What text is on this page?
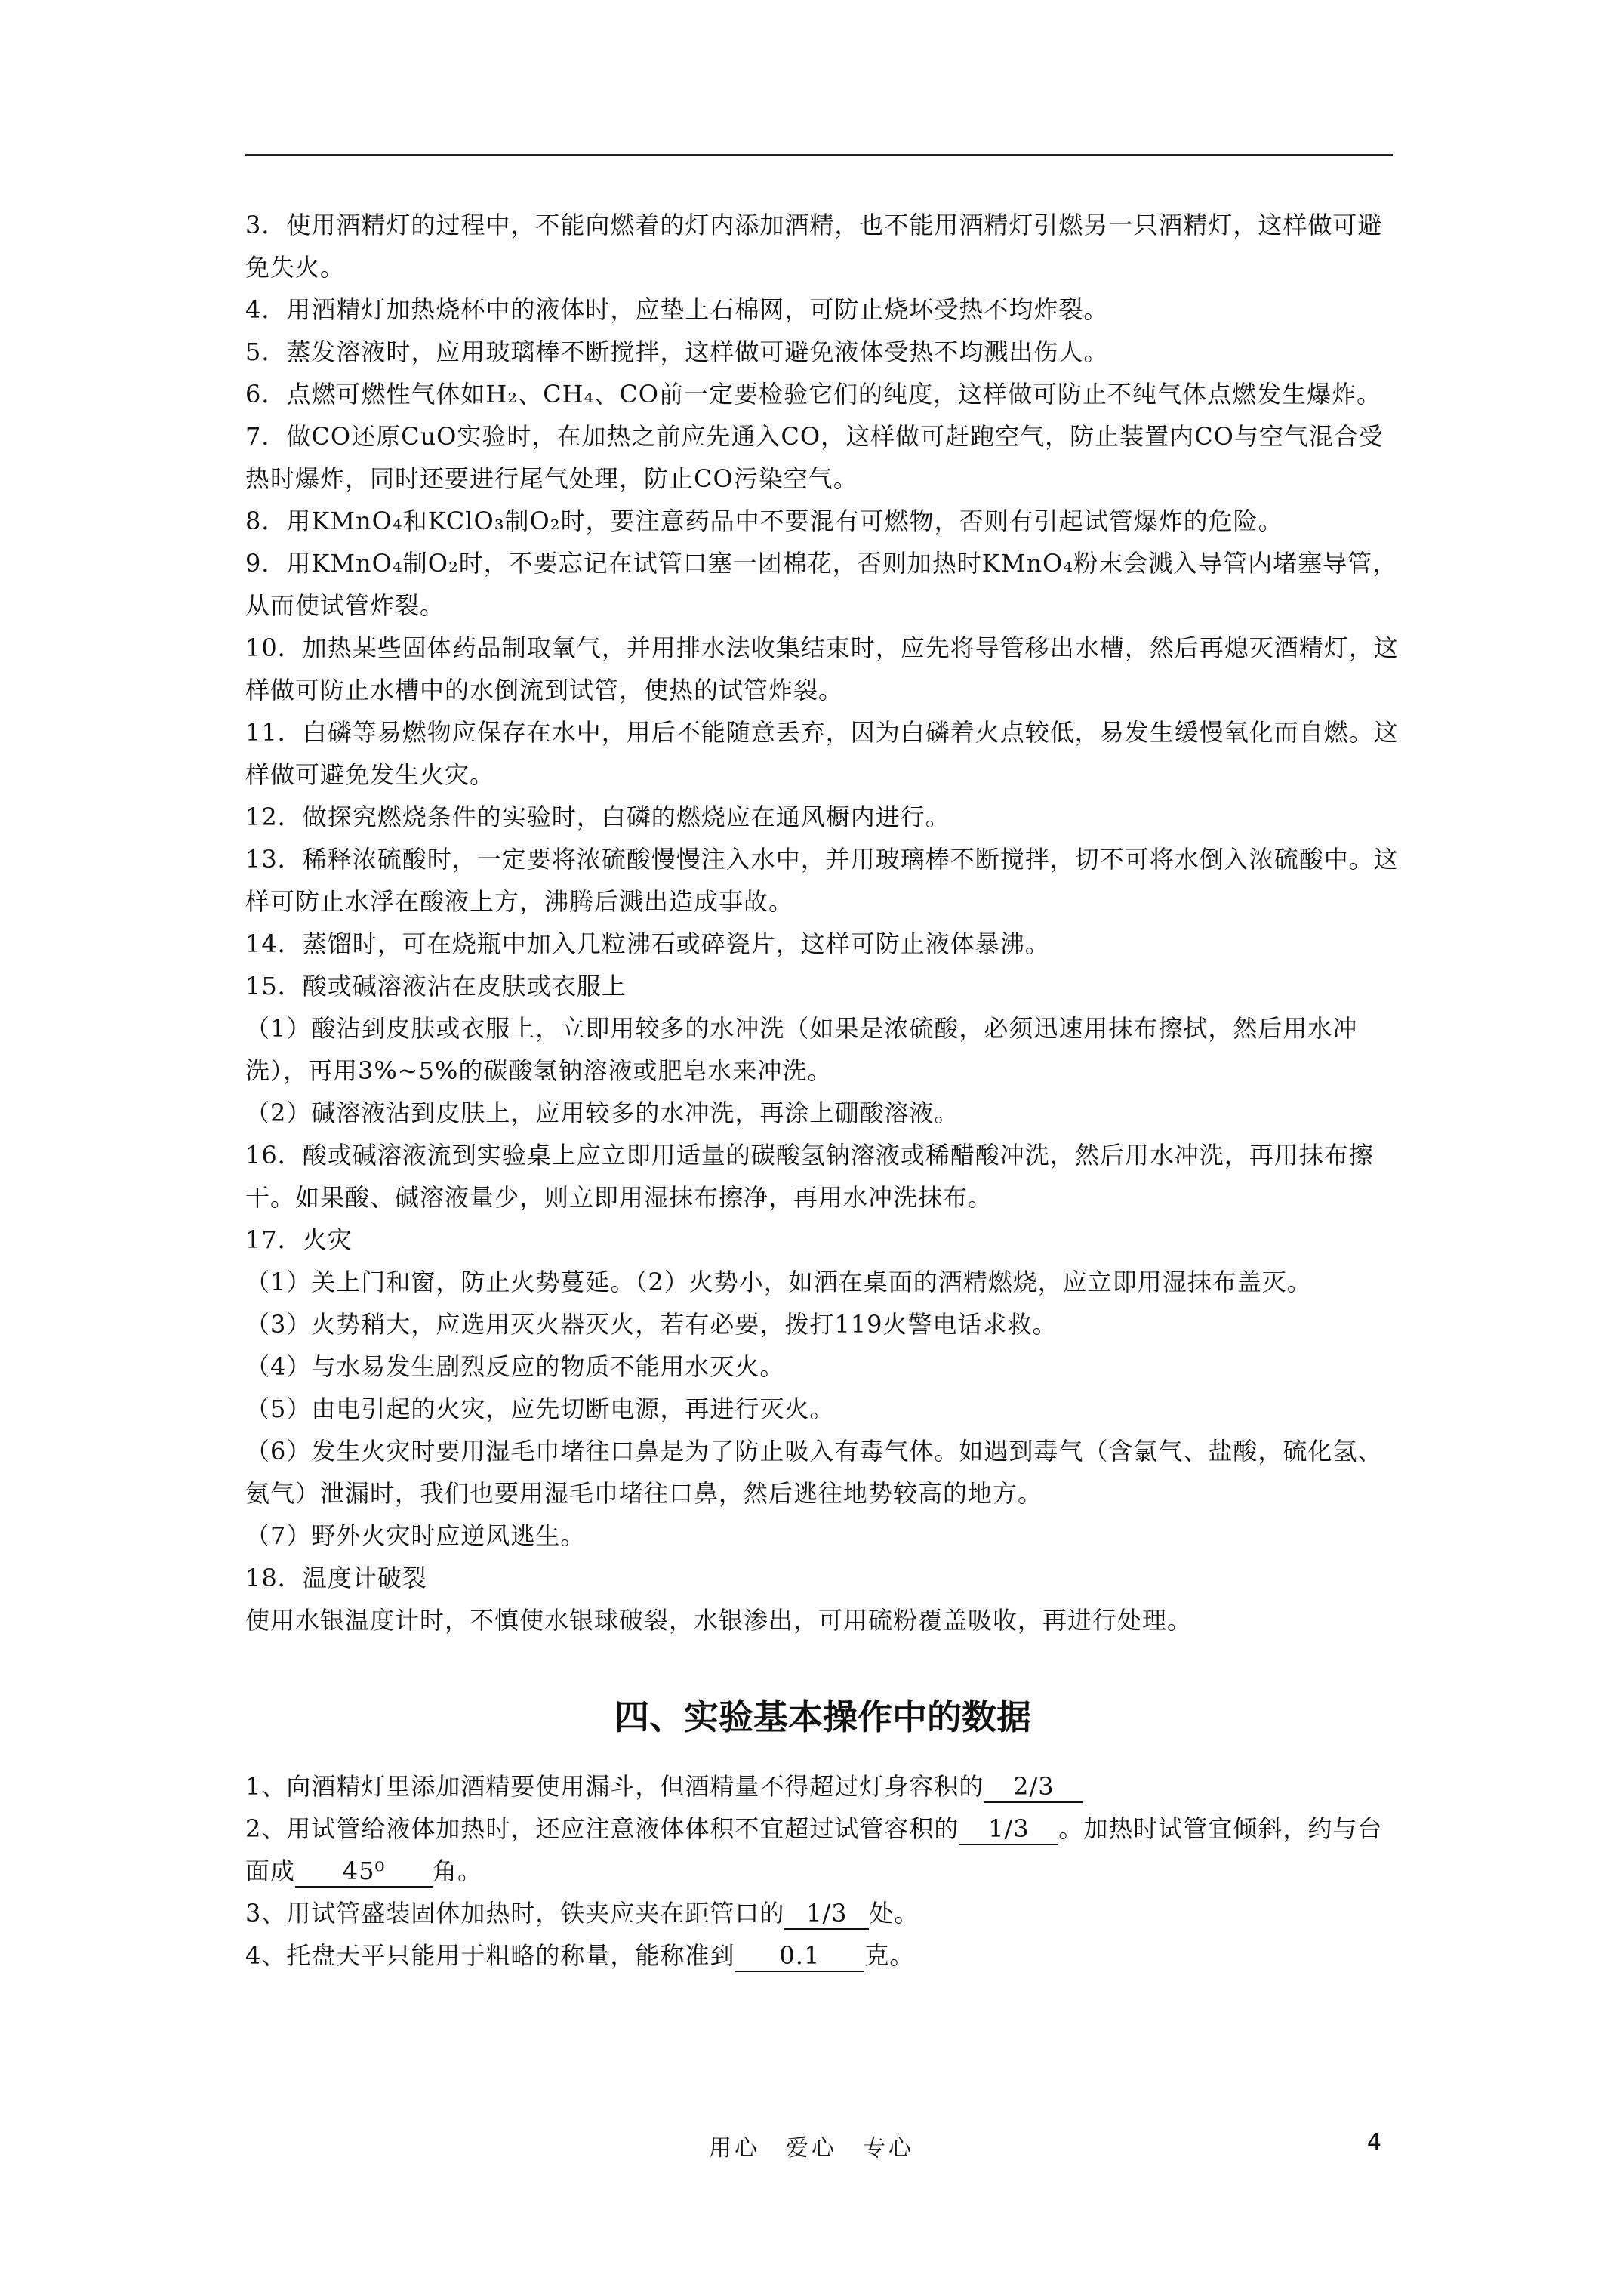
3．使用酒精灯的过程中，不能向燃着的灯内添加酒精，也不能用酒精灯引燃另一只酒精灯，这样做可避免失火。

4．用酒精灯加热烧杯中的液体时，应垫上石棉网，可防止烧坏受热不均炸裂。

5．蒸发溶液时，应用玻璃棒不断搅拌，这样做可避免液体受热不均溅出伤人。

6．点燃可燃性气体如H₂、CH₄、CO前一定要检验它们的纯度，这样做可防止不纯气体点燃发生爆炸。

7．做CO还原CuO实验时，在加热之前应先通入CO，这样做可赶跑空气，防止装置内CO与空气混合受热时爆炸，同时还要进行尾气处理，防止CO污染空气。

8．用KMnO₄和KClO₃制O₂时，要注意药品中不要混有可燃物，否则有引起试管爆炸的危险。

9．用KMnO₄制O₂时，不要忘记在试管口塞一团棉花，否则加热时KMnO₄粉末会溅入导管内堵塞导管，从而使试管炸裂。

10．加热某些固体药品制取氧气，并用排水法收集结束时，应先将导管移出水槽，然后再熄灭酒精灯，这样做可防止水槽中的水倒流到试管，使热的试管炸裂。

11．白磷等易燃物应保存在水中，用后不能随意丢弃，因为白磷着火点较低，易发生缓慢氧化而自燃。这样做可避免发生火灾。

12．做探究燃烧条件的实验时，白磷的燃烧应在通风橱内进行。

13．稀释浓硫酸时，一定要将浓硫酸慢慢注入水中，并用玻璃棒不断搅拌，切不可将水倒入浓硫酸中。这样可防止水浮在酸液上方，沸腾后溅出造成事故。

14．蒸馏时，可在烧瓶中加入几粒沸石或碎瓷片，这样可防止液体暴沸。

15．酸或碱溶液沾在皮肤或衣服上

（1）酸沾到皮肤或衣服上，立即用较多的水冲洗（如果是浓硫酸，必须迅速用抹布擦拭，然后用水冲洗），再用3%~5%的碳酸氢钠溶液或肥皂水来冲洗。

（2）碱溶液沾到皮肤上，应用较多的水冲洗，再涂上硼酸溶液。

16．酸或碱溶液流到实验桌上应立即用适量的碳酸氢钠溶液或稀醋酸冲洗，然后用水冲洗，再用抹布擦干。如果酸、碱溶液量少，则立即用湿抹布擦净，再用水冲洗抹布。

17．火灾

（1）关上门和窗，防止火势蔓延。（2）火势小，如洒在桌面的酒精燃烧，应立即用湿抹布盖灭。

（3）火势稍大，应选用灭火器灭火，若有必要，拨打119火警电话求救。

（4）与水易发生剧烈反应的物质不能用水灭火。

（5）由电引起的火灾，应先切断电源，再进行灭火。

（6）发生火灾时要用湿毛巾堵往口鼻是为了防止吸入有毒气体。如遇到毒气（含氯气、盐酸，硫化氢、氨气）泄漏时，我们也要用湿毛巾堵往口鼻，然后逃往地势较高的地方。

（7）野外火灾时应逆风逃生。

18．温度计破裂

使用水银温度计时，不慎使水银球破裂，水银渗出，可用硫粉覆盖吸收，再进行处理。

四、实验基本操作中的数据

1、向酒精灯里添加酒精要使用漏斗，但酒精量不得超过灯身容积的 2/3

2、用试管给液体加热时，还应注意液体体积不宜超过试管容积的 1/3 。加热时试管宜倾斜，约与台面成 45⁰ 角。

3、用试管盛装固体加热时，铁夹应夹在距管口的 1/3 处。

4、托盘天平只能用于粗略的称量，能称准到 0.1 克。

用心　爱心　专心	4
